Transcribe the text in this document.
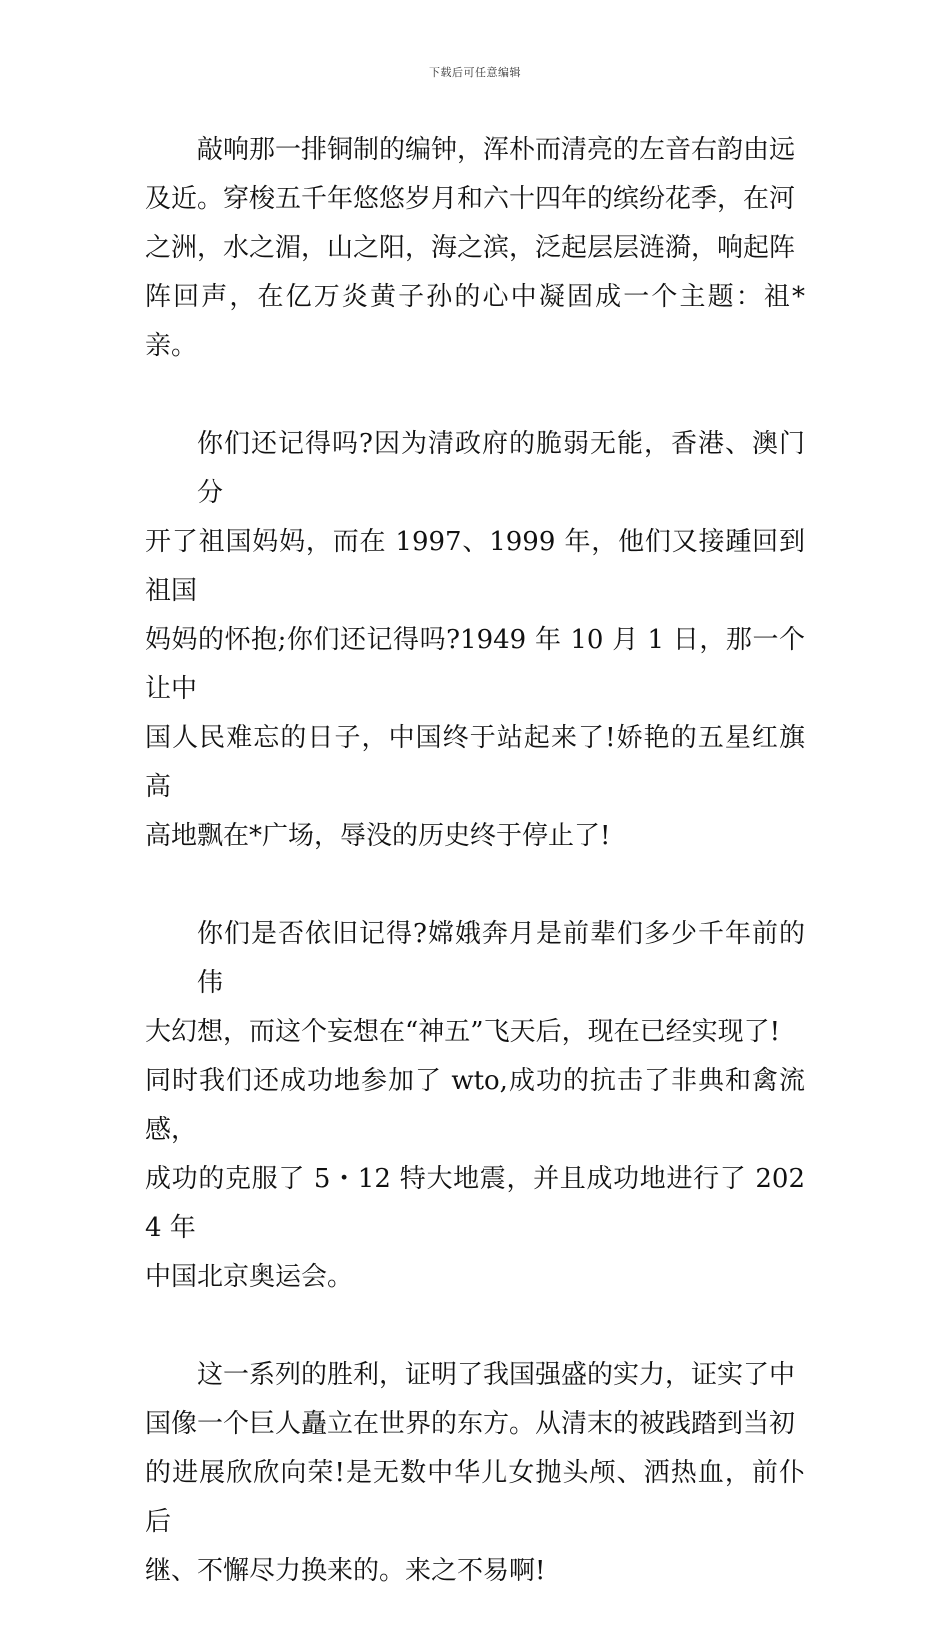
下载后可任意编辑
敲响那一排铜制的编钟，浑朴而清亮的左音右韵由远
及近。穿梭五千年悠悠岁月和六十四年的缤纷花季，在河
之洲，水之湄，山之阳，海之滨，泛起层层涟漪，响起阵
阵回声，在亿万炎黄子孙的心中凝固成一个主题：祖*亲。
你们还记得吗?因为清政府的脆弱无能，香港、澳门分
开了祖国妈妈，而在 1997、1999 年，他们又接踵回到祖国
妈妈的怀抱;你们还记得吗?1949 年 10 月 1 日，那一个让中
国人民难忘的日子，中国终于站起来了!娇艳的五星红旗高
高地飘在*广场，辱没的历史终于停止了!
你们是否依旧记得?嫦娥奔月是前辈们多少千年前的伟
大幻想，而这个妄想在“神五”飞天后，现在已经实现了!
同时我们还成功地参加了 wto,成功的抗击了非典和禽流感，
成功的克服了 5・12 特大地震，并且成功地进行了 2024 年
中国北京奥运会。
这一系列的胜利，证明了我国强盛的实力，证实了中
国像一个巨人矗立在世界的东方。从清末的被践踏到当初
的进展欣欣向荣!是无数中华儿女抛头颅、洒热血，前仆后
继、不懈尽力换来的。来之不易啊!
